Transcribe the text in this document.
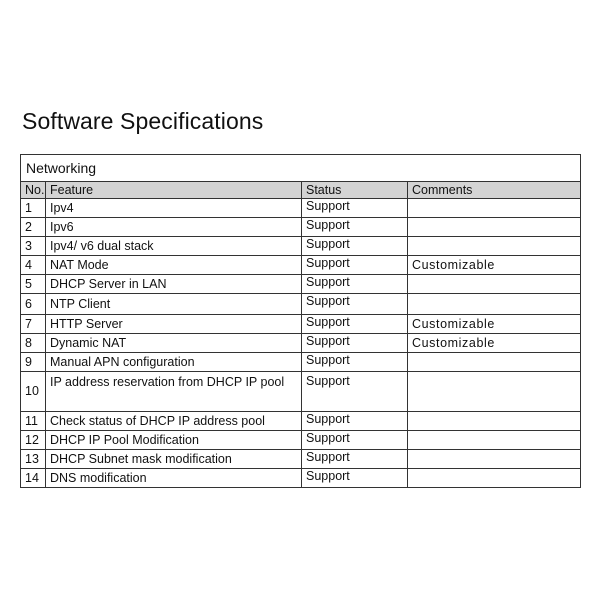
Software Specifications
Networking			
No.	Feature	Status	Comments
1	Ipv4	Support	
2	Ipv6	Support	
3	Ipv4/ v6 dual stack	Support	
4	NAT Mode	Support	Customizable
5	DHCP Server in LAN	Support	
6	NTP Client	Support	
7	HTTP Server	Support	Customizable
8	Dynamic NAT	Support	Customizable
9	Manual APN configuration	Support	
10	IP address reservation from DHCP IP pool	Support	
11	Check status of DHCP IP address pool	Support	
12	DHCP IP Pool Modification	Support	
13	DHCP Subnet mask modification	Support	
14	DNS modification	Support	
